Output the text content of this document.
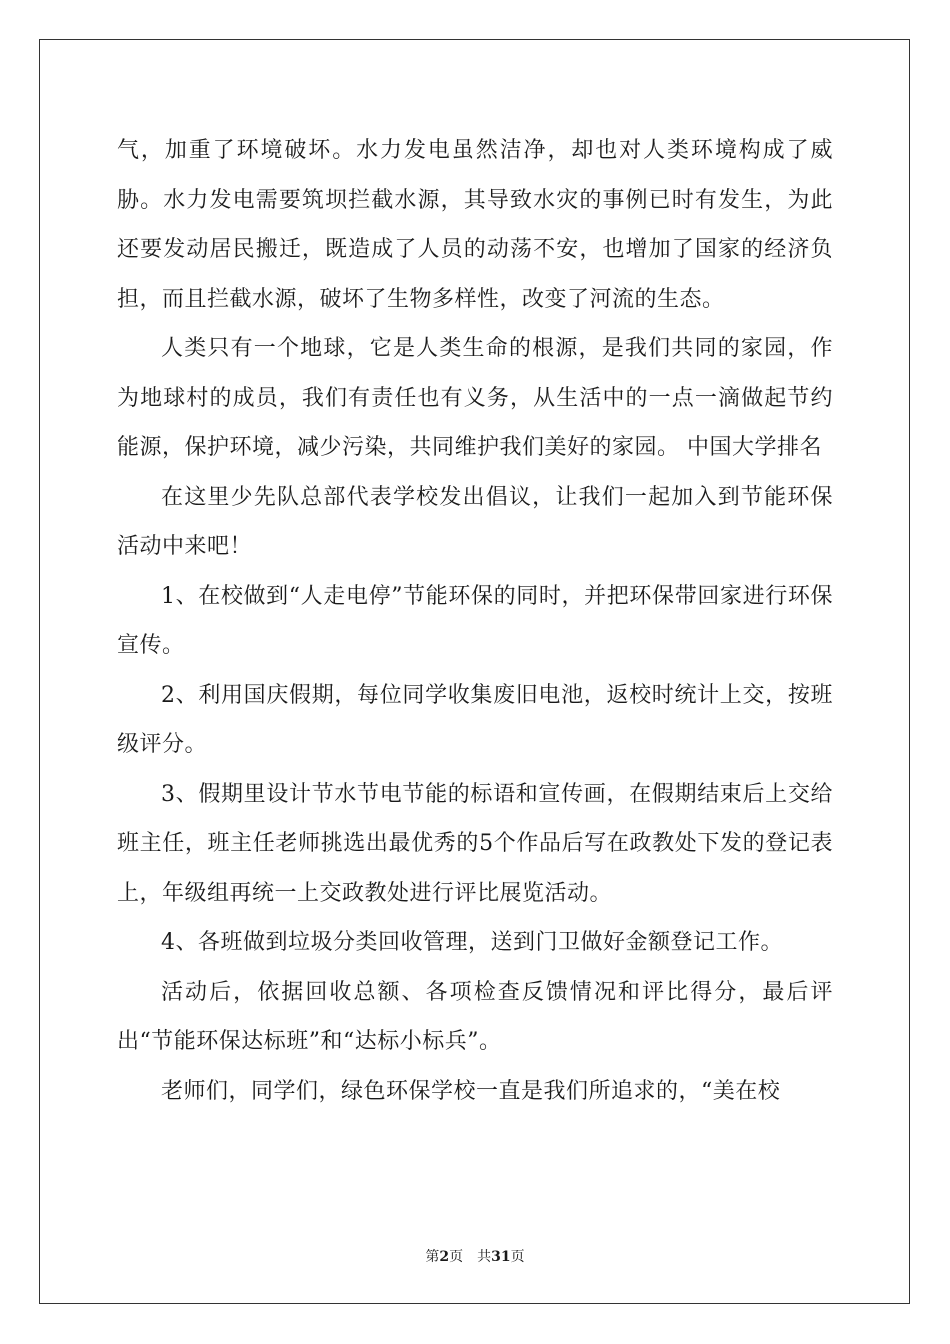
气，加重了环境破坏。水力发电虽然洁净，却也对人类环境构成了威胁。水力发电需要筑坝拦截水源，其导致水灾的事例已时有发生，为此还要发动居民搬迁，既造成了人员的动荡不安，也增加了国家的经济负担，而且拦截水源，破坏了生物多样性，改变了河流的生态。

人类只有一个地球，它是人类生命的根源，是我们共同的家园，作为地球村的成员，我们有责任也有义务，从生活中的一点一滴做起节约能源，保护环境，减少污染，共同维护我们美好的家园。 中国大学排名

在这里少先队总部代表学校发出倡议，让我们一起加入到节能环保活动中来吧！

1、在校做到“人走电停”节能环保的同时，并把环保带回家进行环保宣传。

2、利用国庆假期，每位同学收集废旧电池，返校时统计上交，按班级评分。

3、假期里设计节水节电节能的标语和宣传画，在假期结束后上交给班主任，班主任老师挑选出最优秀的5个作品后写在政教处下发的登记表上，年级组再统一上交政教处进行评比展览活动。

4、各班做到垃圾分类回收管理，送到门卫做好金额登记工作。

活动后，依据回收总额、各项检查反馈情况和评比得分，最后评出“节能环保达标班”和“达标小标兵”。

老师们，同学们，绿色环保学校一直是我们所追求的，“美在校

第2页 共31页
